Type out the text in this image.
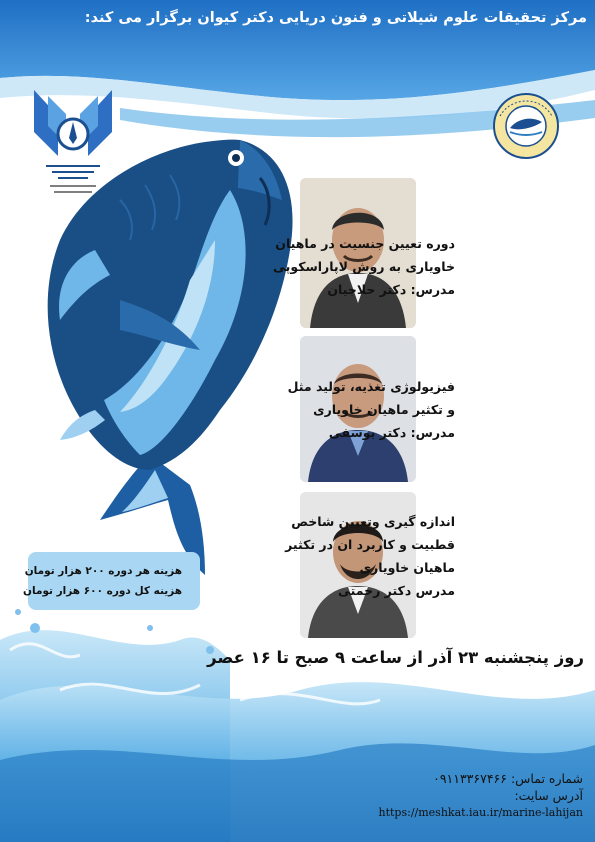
مرکز تحقیقات علوم شیلاتی و فنون دریایی دکتر کیوان برگزار می کند:
دوره تعیین جنسیت در ماهیان
خاویاری به روش لاپاراسکوپی
مدرس: دکتر حلاجیان
فیزیولوژی تغذیه، تولید مثل
و تکثیر ماهیان خاویاری
مدرس: دکتر یوسفی
اندازه گیری وتعیین شاخص
قطبیت و کاربرد ان در تکثیر
ماهیان خاویاری
مدرس دکتر رحمتی
هزینه هر دوره ۲۰۰ هزار تومان
هزینه کل دوره ۶۰۰ هزار تومان
روز پنجشنبه ۲۳ آذر از ساعت ۹ صبح تا ۱۶ عصر
شماره تماس: ۰۹۱۱۳۳۶۷۴۶۶
آدرس سایت:
https://meshkat.iau.ir/marine-lahijan
